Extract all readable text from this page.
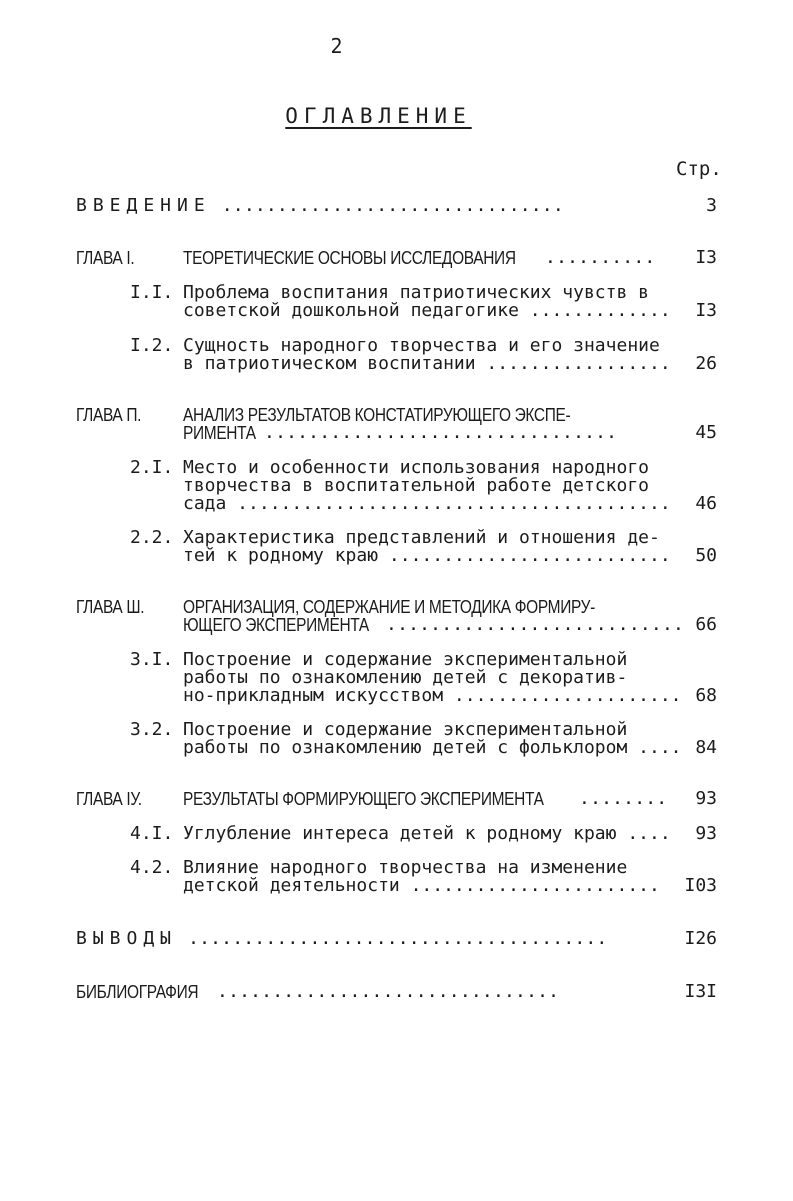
2
ОГЛАВЛЕНИЕ
Стр.
ВВЕДЕНИЕ ...............................	3
ГЛАВА I.	ТЕОРЕТИЧЕСКИЕ ОСНОВЫ ИССЛЕДОВАНИЯ	..........	I3
I.I. Проблема воспитания патриотических чувств в
советской дошкольной педагогике .............	I3
I.2. Сущность народного творчества и его значение
в патриотическом воспитании .................	26
ГЛАВА П. АНАЛИЗ РЕЗУЛЬТАТОВ КОНСТАТИРУЮЩЕГО ЭКСПЕ-
РИМЕНТА
................................	45
2.I. Место и особенности использования народного
творчества в воспитательной работе детского
сада ........................................	46
2.2. Характеристика представлений и отношения де-
тей к родному краю ..........................	50
ГЛАВА Ш. ОРГАНИЗАЦИЯ, СОДЕРЖАНИЕ И МЕТОДИКА ФОРМИРУ-
ЮЩЕГО ЭКСПЕРИМЕНТА ........................... 66
3.I. Построение и содержание экспериментальной
работы по ознакомлению детей с декоратив-
но-прикладным искусством ..................... 68
3.2. Построение и содержание экспериментальной
работы по ознакомлению детей с фольклором .... 84
ГЛАВА IУ. РЕЗУЛЬТАТЫ ФОРМИРУЮЩЕГО ЭКСПЕРИМЕНТА	........	93
4.I. Углубление интереса детей к родному краю ....	93
4.2. Влияние народного творчества на изменение
детской деятельности .......................	I03
ВЫВОДЫ ......................................	I26
БИБЛИОГРАФИЯ ...............................	I3I
